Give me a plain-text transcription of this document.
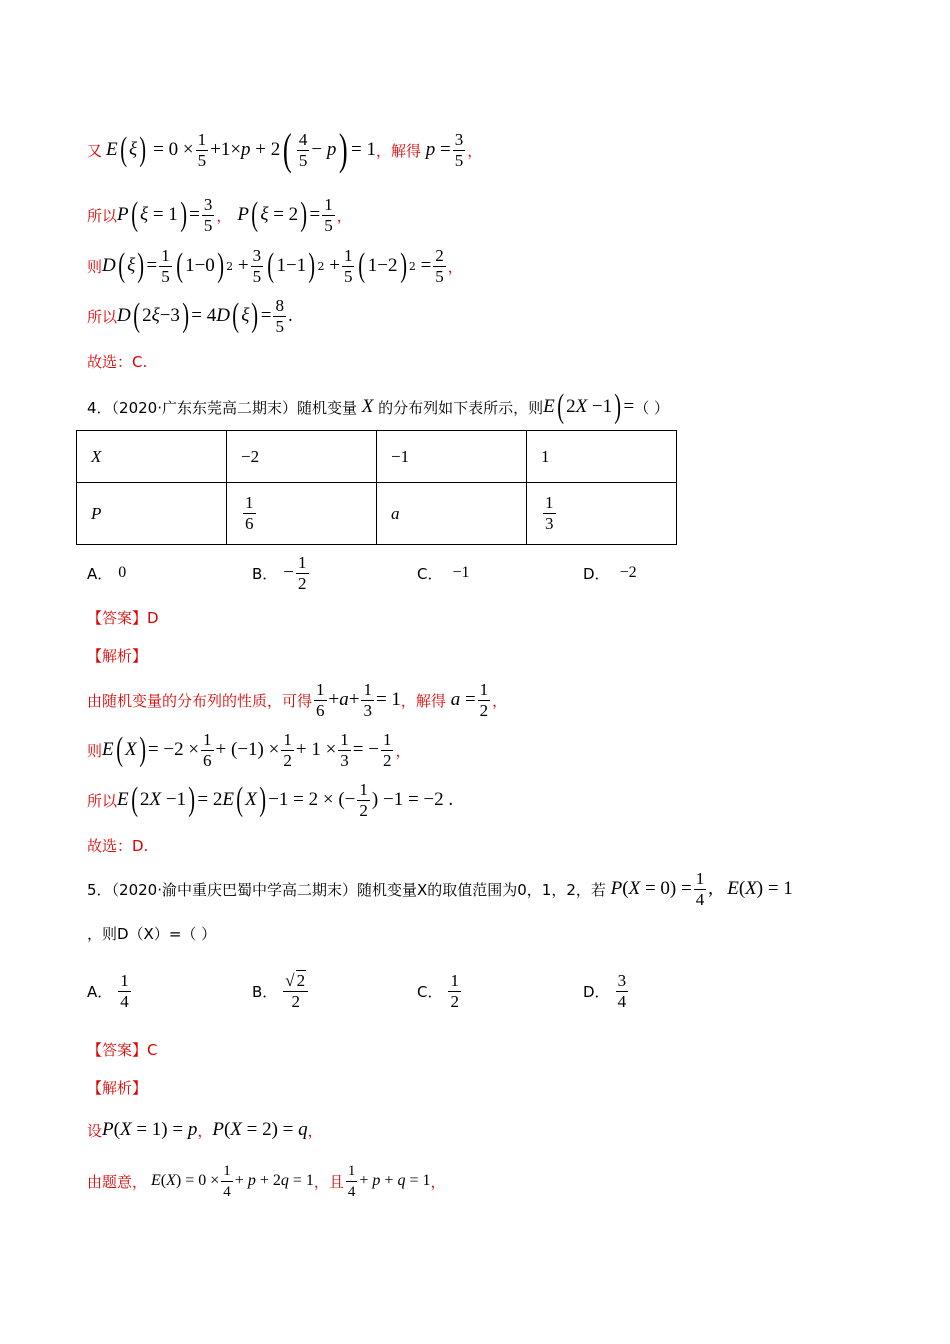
又 E ( ξ ) = $0 \times \frac{1}{5} +1\times p + 2$ ( $\frac{4}{5} - p$ ) = 1 ，解得 $p = \frac{3}{5}$ ，
所以 P ( ξ = 1 ) = $\frac{3}{5}$ ， P ( ξ = 2 ) = $\frac{1}{5}$ ，
则 D ( ξ ) = $\frac{1}{5}$ ( 1−0 ) $2 + \frac{3}{5}$ ( 1−1 ) $2 + \frac{1}{5}$ ( 1−2 ) $2 = \frac{2}{5}$ ，
所以 D ( 2 ξ −3 ) = 4 D ( ξ ) = $\frac{8}{5}$ .
故选：C.
4．（2020·广东东莞高二期末）随机变量 X 的分布列如下表所示，则 E ( 2 X −1 ) = （ ）
X	−2	−1	1
P	$\frac{1}{6}$	a	$\frac{1}{3}$
A． 0	B． − $\frac{1}{2}$	C． −1	D． −2
【答案】D
【解析】
由随机变量的分布列的性质，可得 $\frac{1}{6} + a + \frac{1}{3} = 1$ ，解得 $a = \frac{1}{2}$ ，
则 E ( X ) = $-2 \times \frac{1}{6} + (-1) \times \frac{1}{2} + 1 \times \frac{1}{3}$ = − $\frac{1}{2}$ ，
所以 E ( 2 X −1 ) = 2 E ( X ) −1 = 2 × (− $\frac{1}{2}$ ) −1 = −2 .
故选：D.
5．（2020·渝中重庆巴蜀中学高二期末）随机变量X的取值范围为0，1，2，若 P ( $X = 0) = \frac{1}{4}$ , E ( X ) = 1
，则D（X）=（ ）
A． $\frac{1}{4}$	B． $\frac{√ 2}{2}$	C． $\frac{1}{2}$	D． $\frac{3}{4}$
【答案】C
【解析】
设 P ( X = 1) = p ， P ( X = 2) = q ，
由题意， E ( X ) = $0 \times \frac{1}{4} + p + 2$ q = 1 ，且 $\frac{1}{4} + p + q = 1$ ，
